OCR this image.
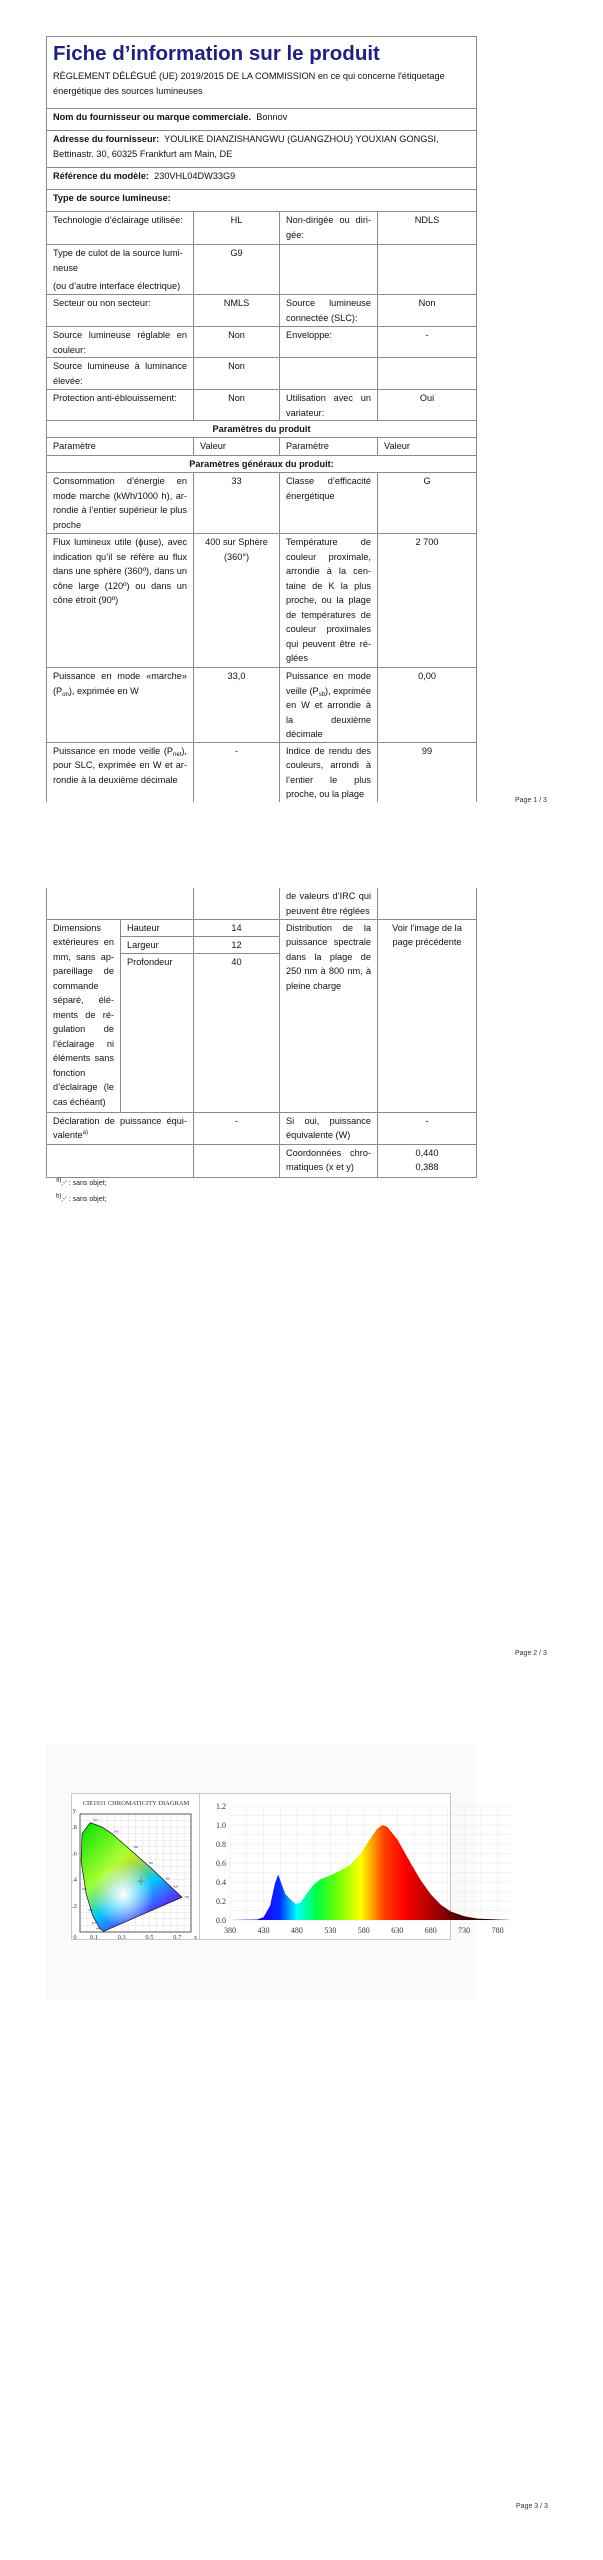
Fiche d’information sur le produit
RÈGLEMENT DÉLÉGUÉ (UE) 2019/2015 DE LA COMMISSION en ce qui concerne l'étiquetage énergétique des sources lumineuses			

Nom du fournisseur ou marque commerciale. Bonnov			
Adresse du fournisseur: YOULIKE DIANZISHANGWU (GUANGZHOU) YOUXIAN GONGSI, Bettinastr. 30, 60325 Frankfurt am Main, DE			
Référence du modèle: 230VHL04DW33G9			
Type de source lumineuse:			
Technologie d’éclairage utilisée:	HL	Non-dirigée ou dirigée:	NDLS

Type de culot de la source lumineuse
(ou d’autre interface électrique)	G9		
Secteur ou non secteur:	NMLS	Source lumineuse connectée (SLC):	Non
Source lumineuse réglable en couleur:	Non	Enveloppe:	-
Source lumineuse à luminance élevée:	Non		
Protection anti-éblouissement:	Non	Utilisation avec un variateur:	Oui
Paramètres du produit			
Paramètre	Valeur	Paramètre	Valeur
Paramètres généraux du produit:			
Consommation d’énergie en mode marche (kWh/1000 h), arrondie à l’entier supérieur le plus proche	33	Classe d’efficacité énergétique	G
Flux lumineux utile (ϕuse), avec indication qu’il se réfère au flux dans une sphère (360º), dans un cône large (120º) ou dans un cône étroit (90º)	400 sur Sphère (360°)	Température de couleur proximale, arrondie à la centaine de K la plus proche, ou la plage de températures de couleur proximales qui peuvent être réglées	2 700
Puissance en mode «marche» $(P_{on})$, exprimée en W	33,0	Puissance en mode veille $(P_{sb})$, exprimée en W et arrondie à la deuxième décimale	0,00
Puissance en mode veille $(P_{net})$, pour SLC, exprimée en W et arrondie à la deuxième décimale	-	Indice de rendu des couleurs, arrondi à l’entier le plus proche, ou la plage	99
Page 1 / 3
			de valeurs d’IRC qui peuvent être réglées	
Dimensions extérieures en mm, sans appareillage de commande séparé, éléments de régulation de l’éclairage ni éléments sans fonction d’éclairage (le cas échéant)	Hauteur	14	Distribution de la puissance spectrale dans la plage de 250 nm à 800 nm, à pleine charge	Voir l'image de la page précédente
	Largeur	12		
	Profondeur	40		
Déclaration de puissance équivalente$^{a)}$		-	Si oui, puissance équivalente (W)	-
			Coordonnées chromatiques (x et y)	0,440
0,388
$^{a)}$‚-‘ : sans objet;
$^{b)}$‚-‘ : sans objet;
Page 2 / 3
CIE1931 CHROMATICITY DIAGRAM
0 0.1	0.3	0.5	0.7
.2
.4
.6
.8
y
x
520
540
560
580
600
620
700
500
480
470
460	380	430	480	530	580	630	680	730	780
0.0
0.2
0.4
0.6
0.8
1.0
1.2
Page 3 / 3
